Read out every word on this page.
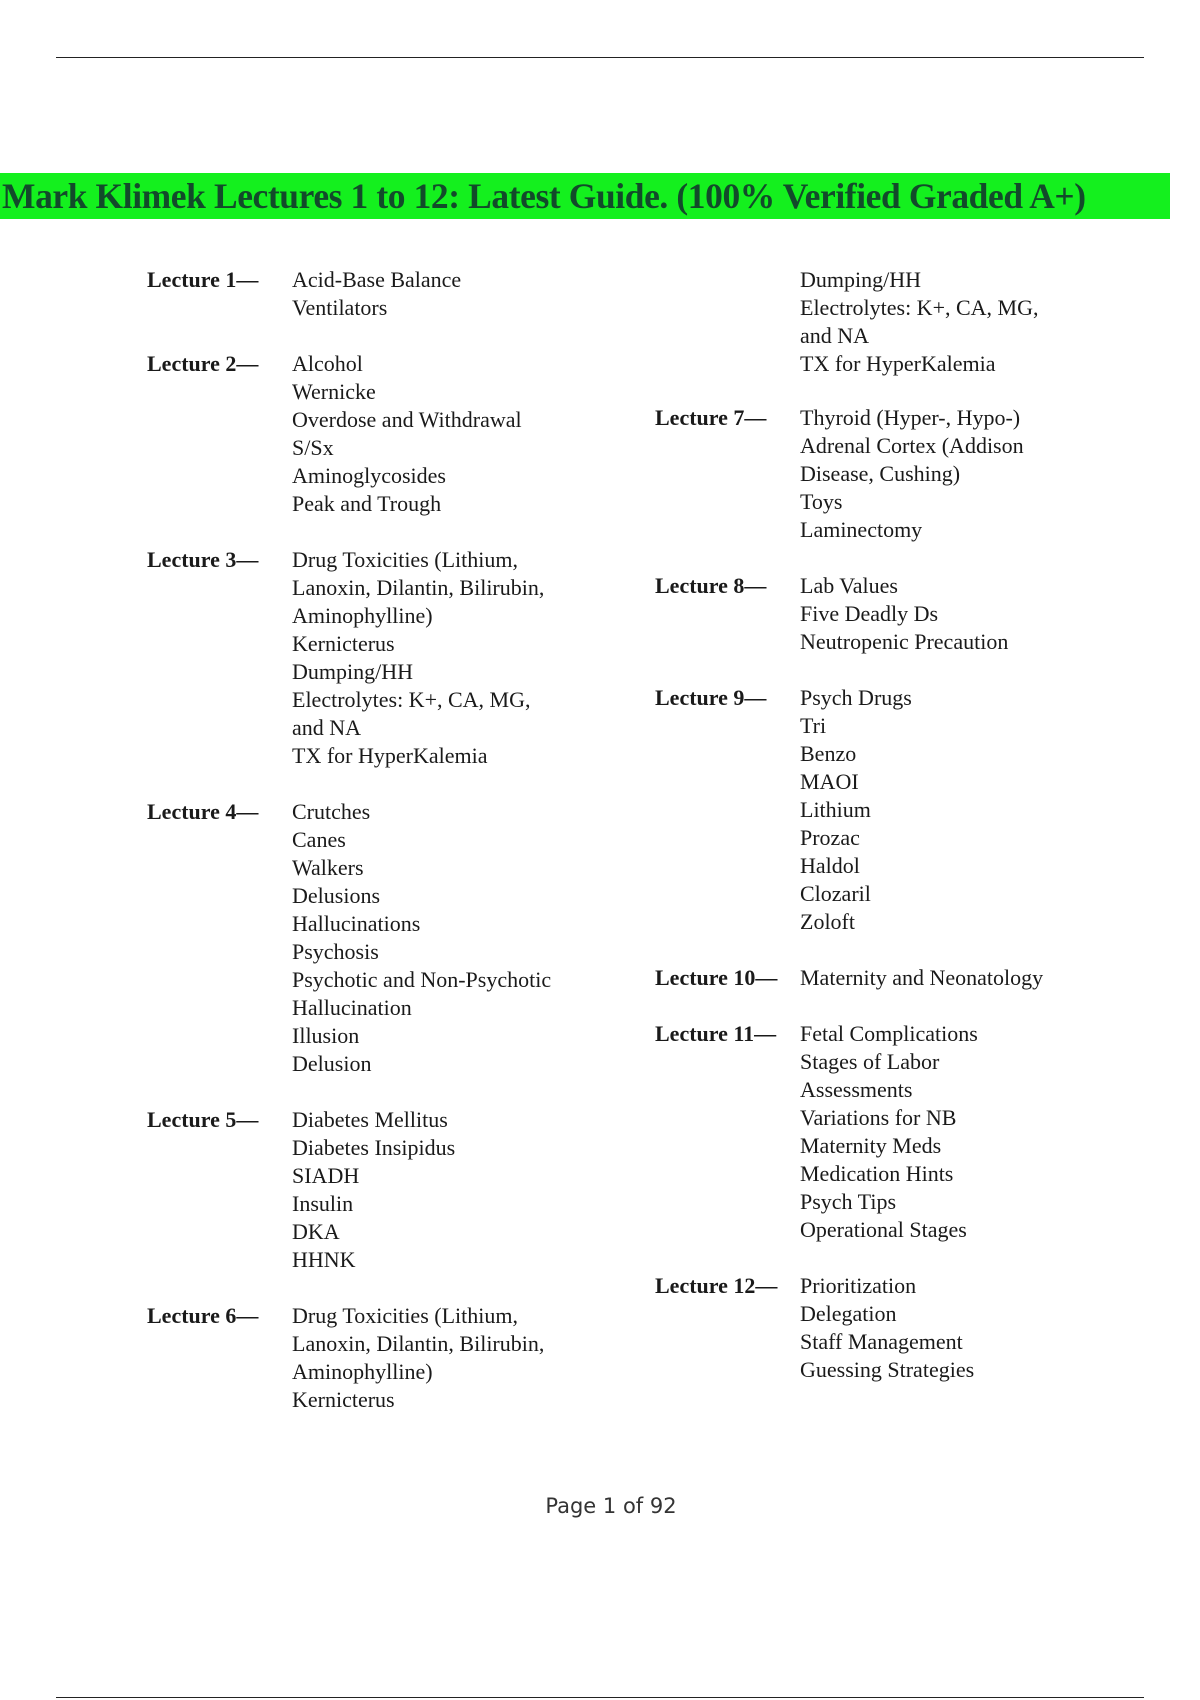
Mark Klimek Lectures 1 to 12: Latest Guide. (100% Verified Graded A+)
Lecture 1—	Acid-Base Balance
Ventilators
Lecture 2—	Alcohol
Wernicke
Overdose and Withdrawal
S/Sx
Aminoglycosides
Peak and Trough
Lecture 3—	Drug Toxicities (Lithium,
Lanoxin, Dilantin, Bilirubin,
Aminophylline)
Kernicterus
Dumping/HH
Electrolytes: K+, CA, MG,
and NA
TX for HyperKalemia
Lecture 4—	Crutches
Canes
Walkers
Delusions
Hallucinations
Psychosis
Psychotic and Non-Psychotic
Hallucination
Illusion
Delusion
Lecture 5—	Diabetes Mellitus
Diabetes Insipidus
SIADH
Insulin
DKA
HHNK
Lecture 6—	Drug Toxicities (Lithium,
Lanoxin, Dilantin, Bilirubin,
Aminophylline)
Kernicterus
Dumping/HH
Electrolytes: K+, CA, MG,
and NA
TX for HyperKalemia
Lecture 7—	Thyroid (Hyper-, Hypo-)
Adrenal Cortex (Addison
Disease, Cushing)
Toys
Laminectomy
Lecture 8—	Lab Values
Five Deadly Ds
Neutropenic Precaution
Lecture 9—	Psych Drugs
Tri
Benzo
MAOI
Lithium
Prozac
Haldol
Clozaril
Zoloft
Lecture 10—	Maternity and Neonatology
Lecture 11—	Fetal Complications
Stages of Labor
Assessments
Variations for NB
Maternity Meds
Medication Hints
Psych Tips
Operational Stages
Lecture 12—	Prioritization
Delegation
Staff Management
Guessing Strategies
Page 1 of 92
